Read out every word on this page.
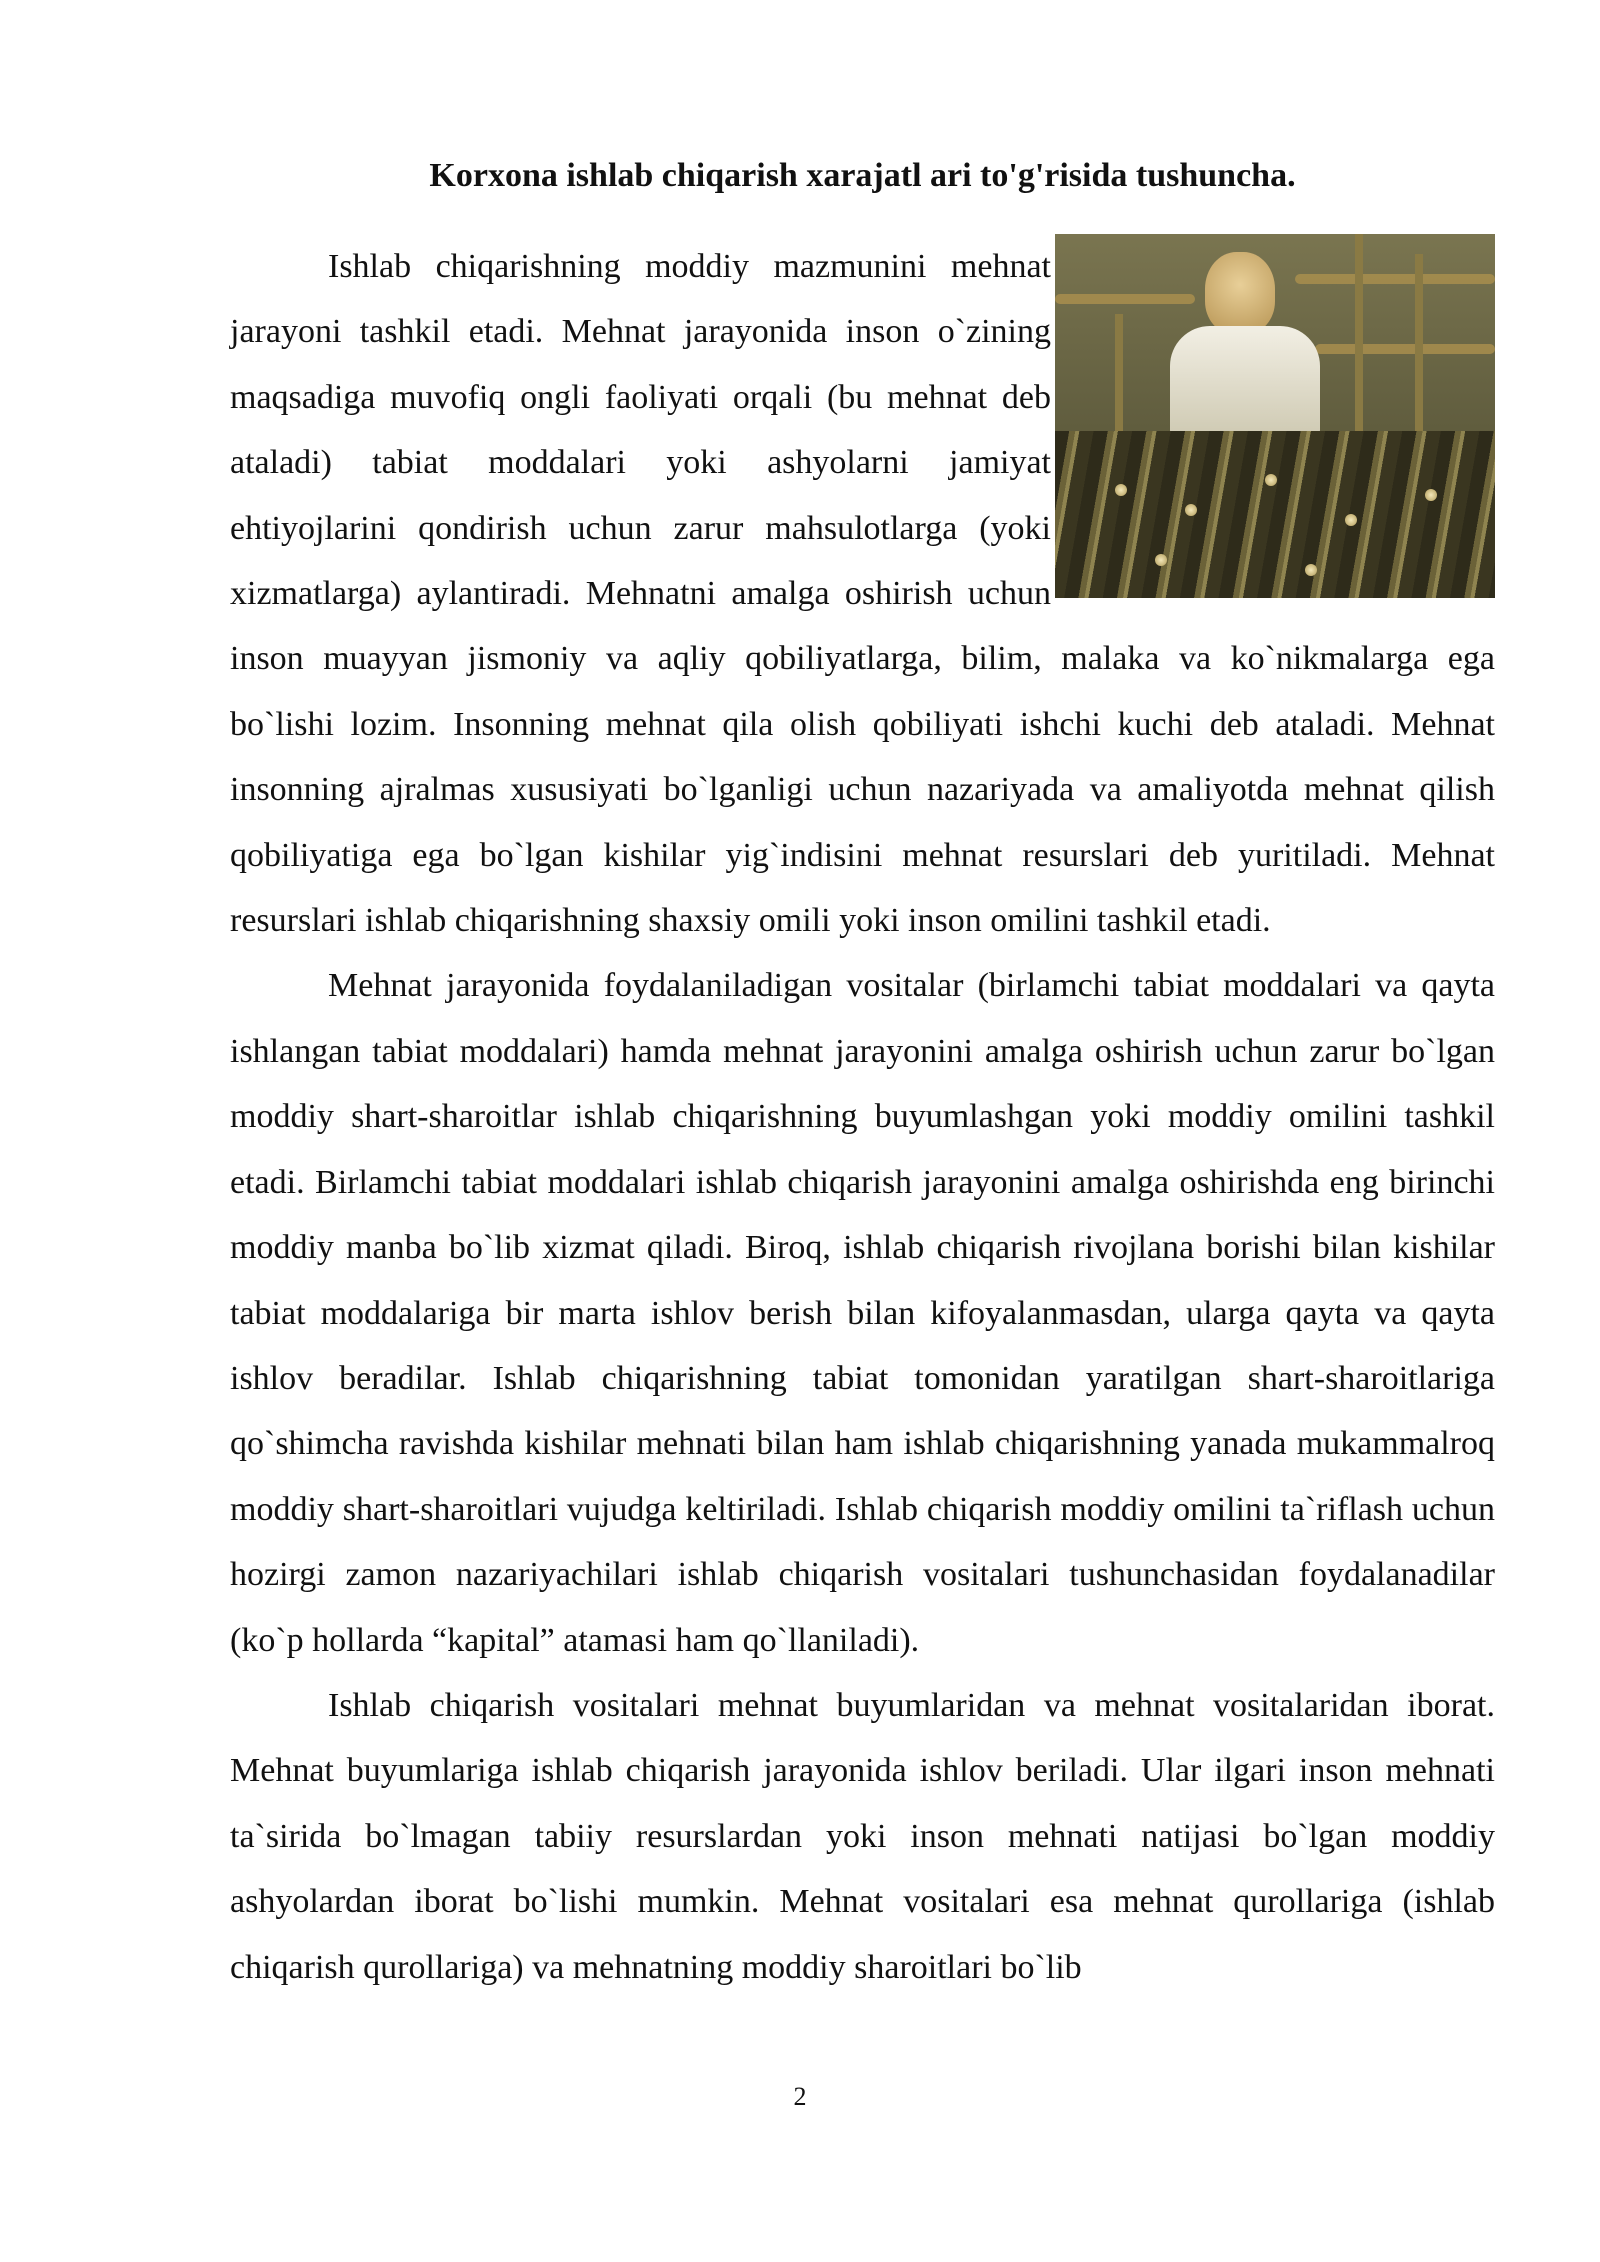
Korxona ishlab chiqarish xarajatl ari to'g'risida tushuncha.

Ishlab chiqarishning moddiy mazmunini mehnat jarayoni tashkil etadi. Mehnat jarayonida inson o`zining maqsadiga muvofiq ongli faoliyati orqali (bu mehnat deb ataladi) tabiat moddalari yoki ashyolarni jamiyat ehtiyojlarini qondirish uchun zarur mahsulotlarga (yoki xizmatlarga) aylantiradi. Mehnatni amalga oshirish uchun inson muayyan jismoniy va aqliy qobiliyatlarga, bilim, malaka va ko`nikmalarga ega bo`lishi lozim. Insonning mehnat qila olish qobiliyati ishchi kuchi deb ataladi. Mehnat insonning ajralmas xususiyati bo`lganligi uchun nazariyada va amaliyotda mehnat qilish qobiliyatiga ega bo`lgan kishilar yig`indisini mehnat resurslari deb yuritiladi. Mehnat resurslari ishlab chiqarishning shaxsiy omili yoki inson omilini tashkil etadi.

Mehnat jarayonida foydalaniladigan vositalar (birlamchi tabiat moddalari va qayta ishlangan tabiat moddalari) hamda mehnat jarayonini amalga oshirish uchun zarur bo`lgan moddiy shart-sharoitlar ishlab chiqarishning buyumlashgan yoki moddiy omilini tashkil etadi. Birlamchi tabiat moddalari ishlab chiqarish jarayonini amalga oshirishda eng birinchi moddiy manba bo`lib xizmat qiladi. Biroq, ishlab chiqarish rivojlana borishi bilan kishilar tabiat moddalariga bir marta ishlov berish bilan kifoyalanmasdan, ularga qayta va qayta ishlov beradilar. Ishlab chiqarishning tabiat tomonidan yaratilgan shart-sharoitlariga qo`shimcha ravishda kishilar mehnati bilan ham ishlab chiqarishning yanada mukammalroq moddiy shart-sharoitlari vujudga keltiriladi. Ishlab chiqarish moddiy omilini ta`riflash uchun hozirgi zamon nazariyachilari ishlab chiqarish vositalari tushunchasidan foydalanadilar (ko`p hollarda “kapital” atamasi ham qo`llaniladi).

Ishlab chiqarish vositalari mehnat buyumlaridan va mehnat vositalaridan iborat. Mehnat buyumlariga ishlab chiqarish jarayonida ishlov beriladi. Ular ilgari inson mehnati ta`sirida bo`lmagan tabiiy resurslardan yoki inson mehnati natijasi bo`lgan moddiy ashyolardan iborat bo`lishi mumkin. Mehnat vositalari esa mehnat qurollariga (ishlab chiqarish qurollariga) va mehnatning moddiy sharoitlari bo`lib

2
